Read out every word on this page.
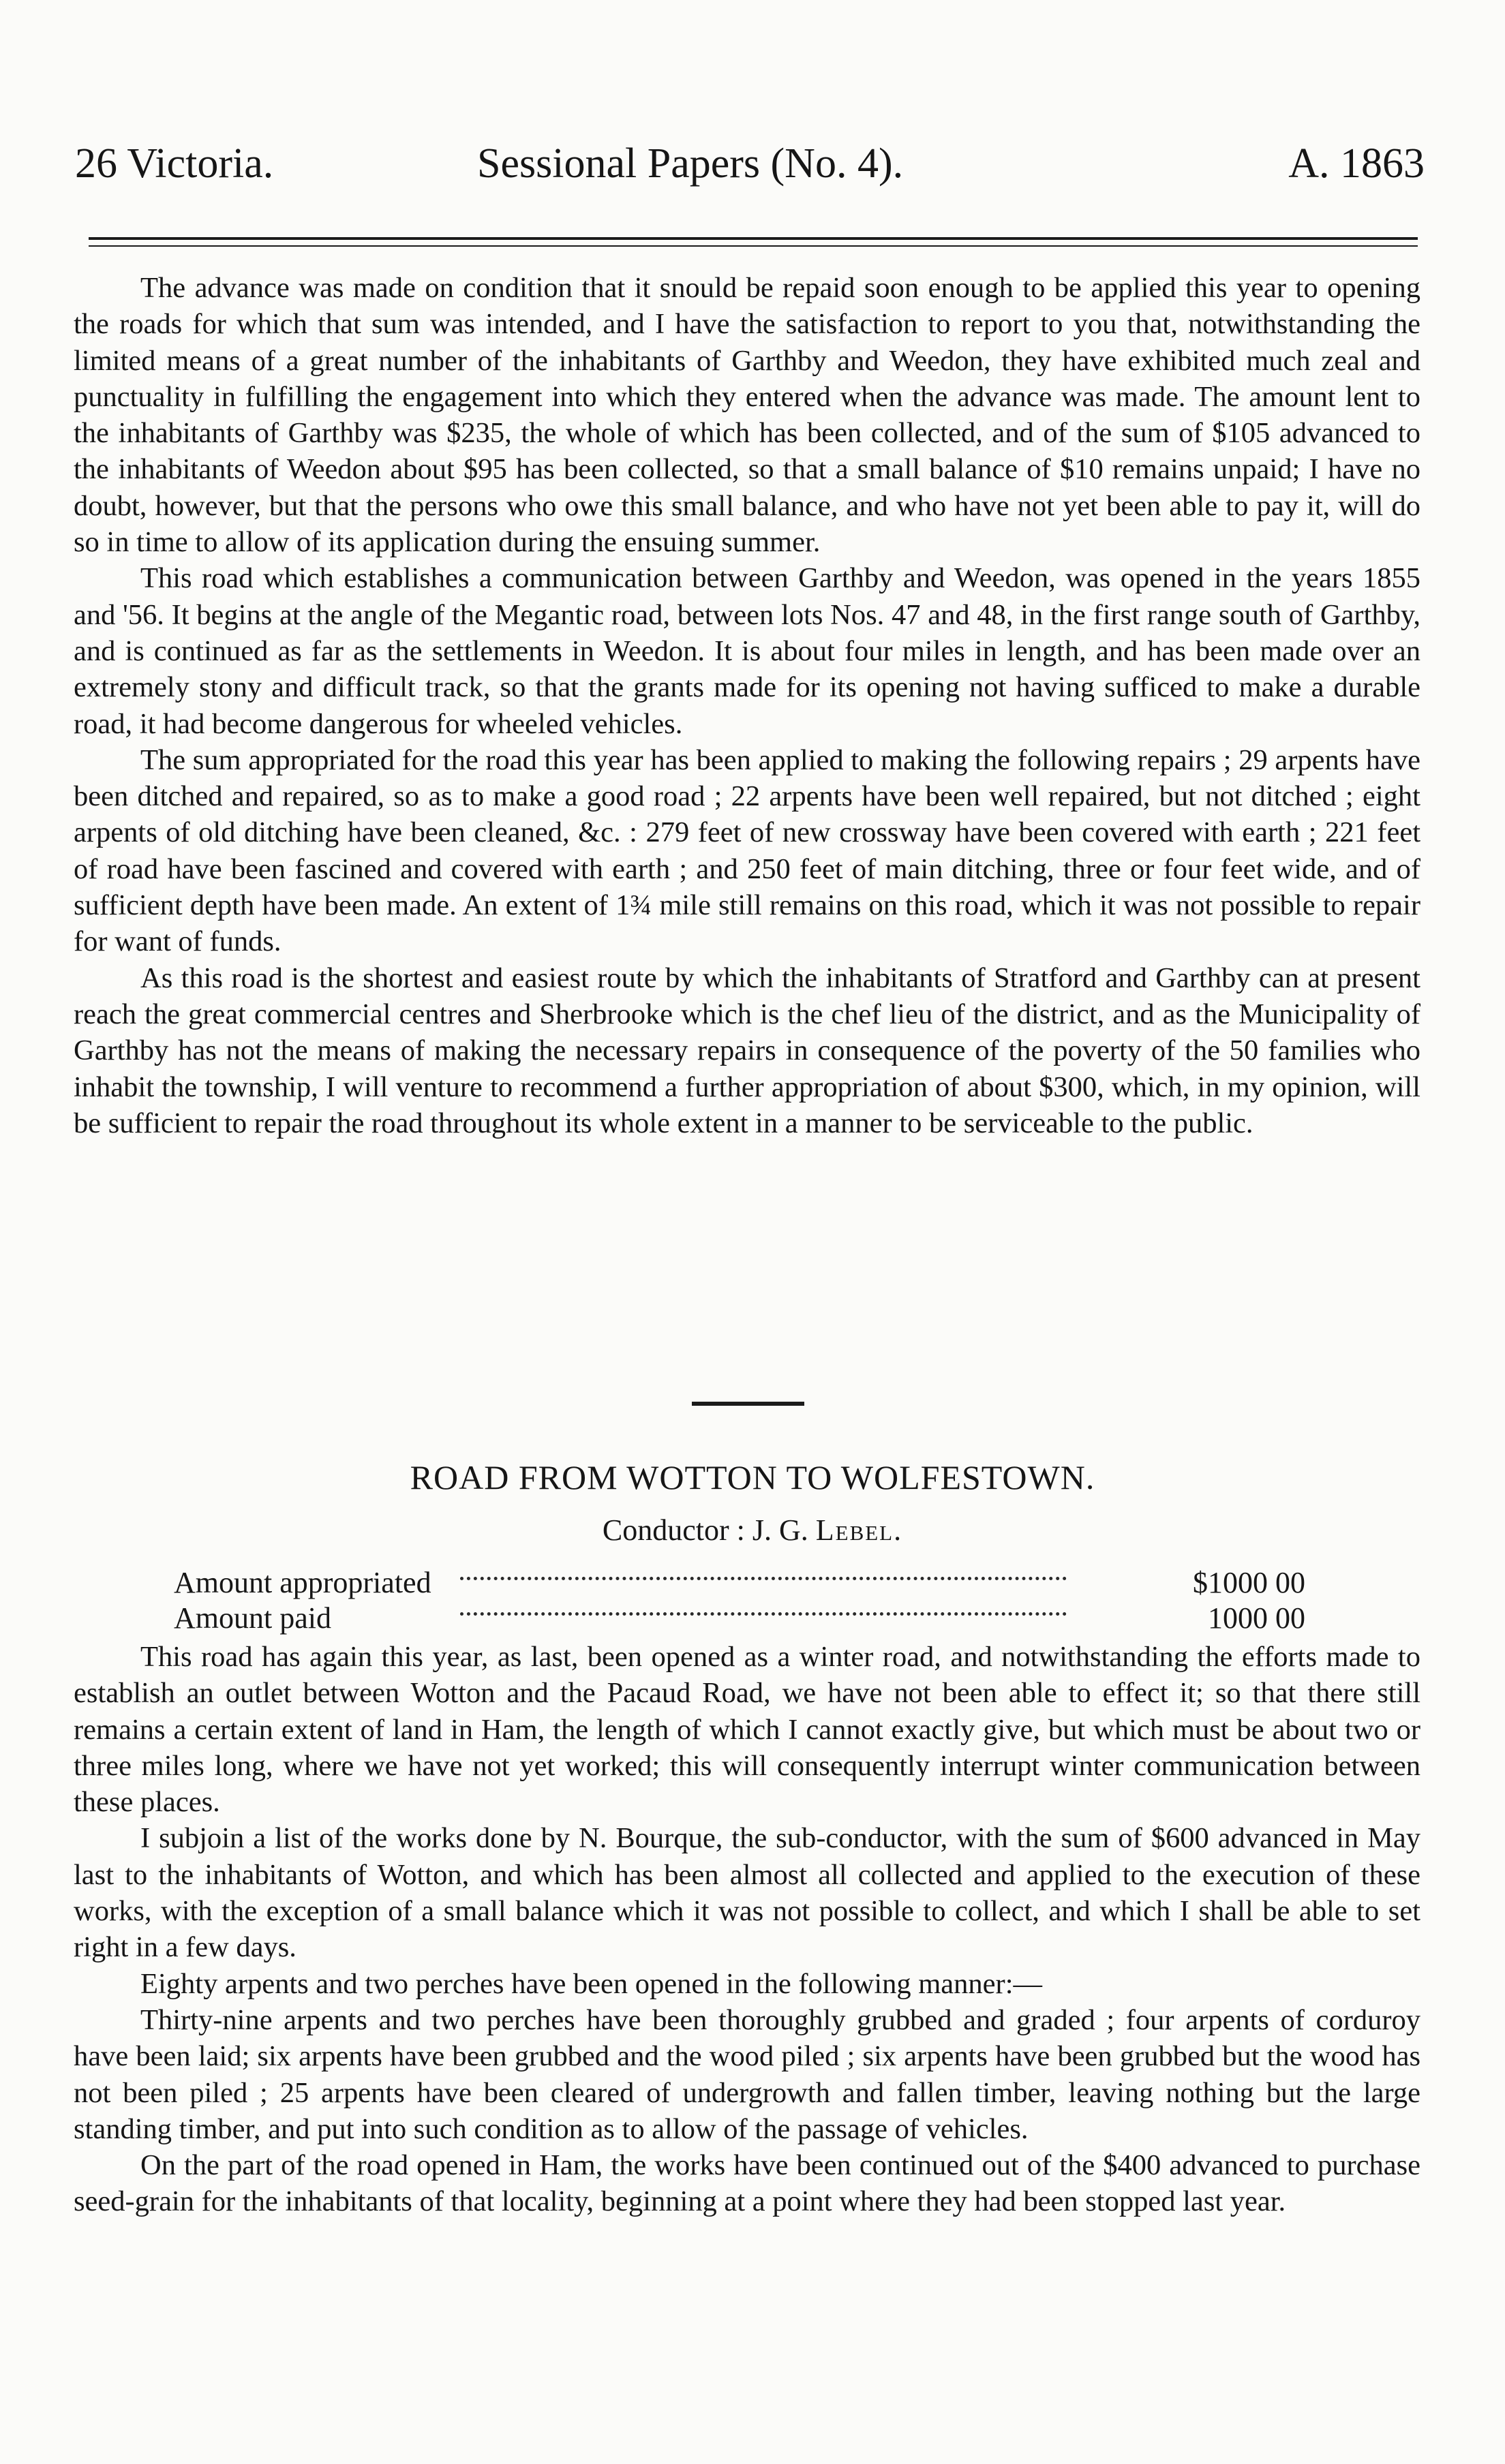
26 Victoria.	Sessional Papers (No. 4).	A. 1863

The advance was made on condition that it snould be repaid soon enough to be applied this year to opening the roads for which that sum was intended, and I have the satisfaction to report to you that, notwithstanding the limited means of a great number of the inhabitants of Garthby and Weedon, they have exhibited much zeal and punctuality in fulfilling the engagement into which they entered when the advance was made. The amount lent to the inhabitants of Garthby was $235, the whole of which has been collected, and of the sum of $105 advanced to the inhabitants of Weedon about $95 has been collected, so that a small balance of $10 remains unpaid; I have no doubt, however, but that the persons who owe this small balance, and who have not yet been able to pay it, will do so in time to allow of its application during the ensuing summer.

This road which establishes a communication between Garthby and Weedon, was opened in the years 1855 and '56. It begins at the angle of the Megantic road, between lots Nos. 47 and 48, in the first range south of Garthby, and is continued as far as the settlements in Weedon. It is about four miles in length, and has been made over an extremely stony and difficult track, so that the grants made for its opening not having sufficed to make a durable road, it had become dangerous for wheeled vehicles.

The sum appropriated for the road this year has been applied to making the following repairs ; 29 arpents have been ditched and repaired, so as to make a good road ; 22 arpents have been well repaired, but not ditched ; eight arpents of old ditching have been cleaned, &c. : 279 feet of new crossway have been covered with earth ; 221 feet of road have been fascined and covered with earth ; and 250 feet of main ditching, three or four feet wide, and of sufficient depth have been made. An extent of 1¾ mile still remains on this road, which it was not possible to repair for want of funds.

As this road is the shortest and easiest route by which the inhabitants of Stratford and Garthby can at present reach the great commercial centres and Sherbrooke which is the chef lieu of the district, and as the Municipality of Garthby has not the means of making the necessary repairs in consequence of the poverty of the 50 families who inhabit the township, I will venture to recommend a further appropriation of about $300, which, in my opinion, will be sufficient to repair the road throughout its whole extent in a manner to be serviceable to the public.

ROAD FROM WOTTON TO WOLFESTOWN.
Conductor : J. G. Lebel.
Amount appropriated	$1000 00
Amount paid	1000 00

This road has again this year, as last, been opened as a winter road, and notwithstanding the efforts made to establish an outlet between Wotton and the Pacaud Road, we have not been able to effect it; so that there still remains a certain extent of land in Ham, the length of which I cannot exactly give, but which must be about two or three miles long, where we have not yet worked; this will consequently interrupt winter communication between these places.

I subjoin a list of the works done by N. Bourque, the sub-conductor, with the sum of $600 advanced in May last to the inhabitants of Wotton, and which has been almost all collected and applied to the execution of these works, with the exception of a small balance which it was not possible to collect, and which I shall be able to set right in a few days.

Eighty arpents and two perches have been opened in the following manner:—

Thirty-nine arpents and two perches have been thoroughly grubbed and graded ; four arpents of corduroy have been laid; six arpents have been grubbed and the wood piled ; six arpents have been grubbed but the wood has not been piled ; 25 arpents have been cleared of undergrowth and fallen timber, leaving nothing but the large standing timber, and put into such condition as to allow of the passage of vehicles.

On the part of the road opened in Ham, the works have been continued out of the $400 advanced to purchase seed-grain for the inhabitants of that locality, beginning at a point where they had been stopped last year.
